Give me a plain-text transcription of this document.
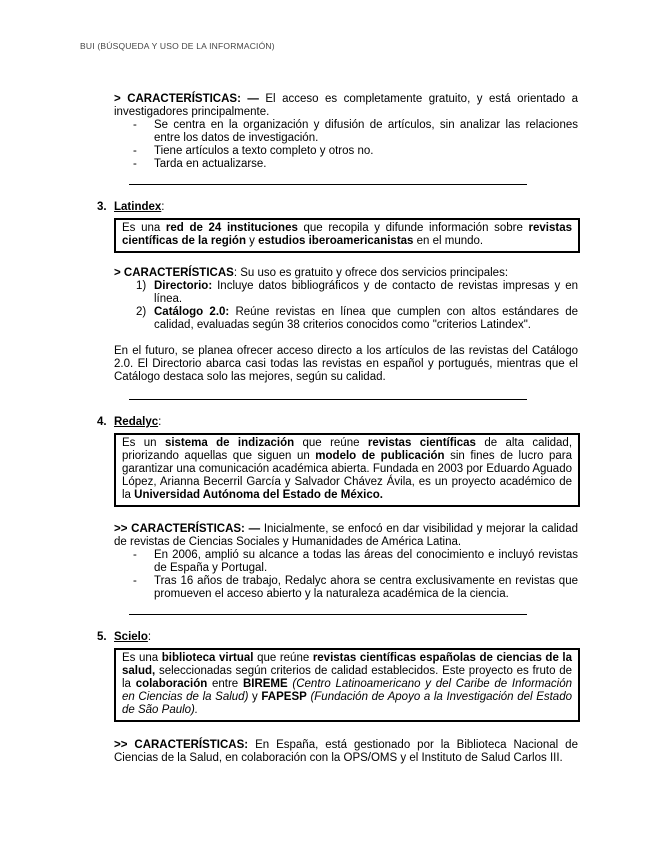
BUI (BÚSQUEDA Y USO DE LA INFORMACIÓN)

> CARACTERÍSTICAS: — El acceso es completamente gratuito, y está orientado a investigadores principalmente.

- Se centra en la organización y difusión de artículos, sin analizar las relaciones entre los datos de investigación.
- Tiene artículos a texto completo y otros no.
- Tarda en actualizarse.
3. Latindex:
Es una red de 24 instituciones que recopila y difunde información sobre revistas científicas de la región y estudios iberoamericanistas en el mundo.

> CARACTERÍSTICAS: Su uso es gratuito y ofrece dos servicios principales:

1) Directorio: Incluye datos bibliográficos y de contacto de revistas impresas y en línea.
2) Catálogo 2.0: Reúne revistas en línea que cumplen con altos estándares de calidad, evaluadas según 38 criterios conocidos como "criterios Latindex".

En el futuro, se planea ofrecer acceso directo a los artículos de las revistas del Catálogo 2.0. El Directorio abarca casi todas las revistas en español y portugués, mientras que el Catálogo destaca solo las mejores, según su calidad.

4. Redalyc:
Es un sistema de indización que reúne revistas científicas de alta calidad, priorizando aquellas que siguen un modelo de publicación sin fines de lucro para garantizar una comunicación académica abierta. Fundada en 2003 por Eduardo Aguado López, Arianna Becerril García y Salvador Chávez Ávila, es un proyecto académico de la Universidad Autónoma del Estado de México.

>> CARACTERÍSTICAS: — Inicialmente, se enfocó en dar visibilidad y mejorar la calidad de revistas de Ciencias Sociales y Humanidades de América Latina.

- En 2006, amplió su alcance a todas las áreas del conocimiento e incluyó revistas de España y Portugal.
- Tras 16 años de trabajo, Redalyc ahora se centra exclusivamente en revistas que promueven el acceso abierto y la naturaleza académica de la ciencia.
5. Scielo:
Es una biblioteca virtual que reúne revistas científicas españolas de ciencias de la salud, seleccionadas según criterios de calidad establecidos. Este proyecto es fruto de la colaboración entre BIREME (Centro Latinoamericano y del Caribe de Información en Ciencias de la Salud) y FAPESP (Fundación de Apoyo a la Investigación del Estado de São Paulo).

>> CARACTERÍSTICAS: En España, está gestionado por la Biblioteca Nacional de Ciencias de la Salud, en colaboración con la OPS/OMS y el Instituto de Salud Carlos III.
